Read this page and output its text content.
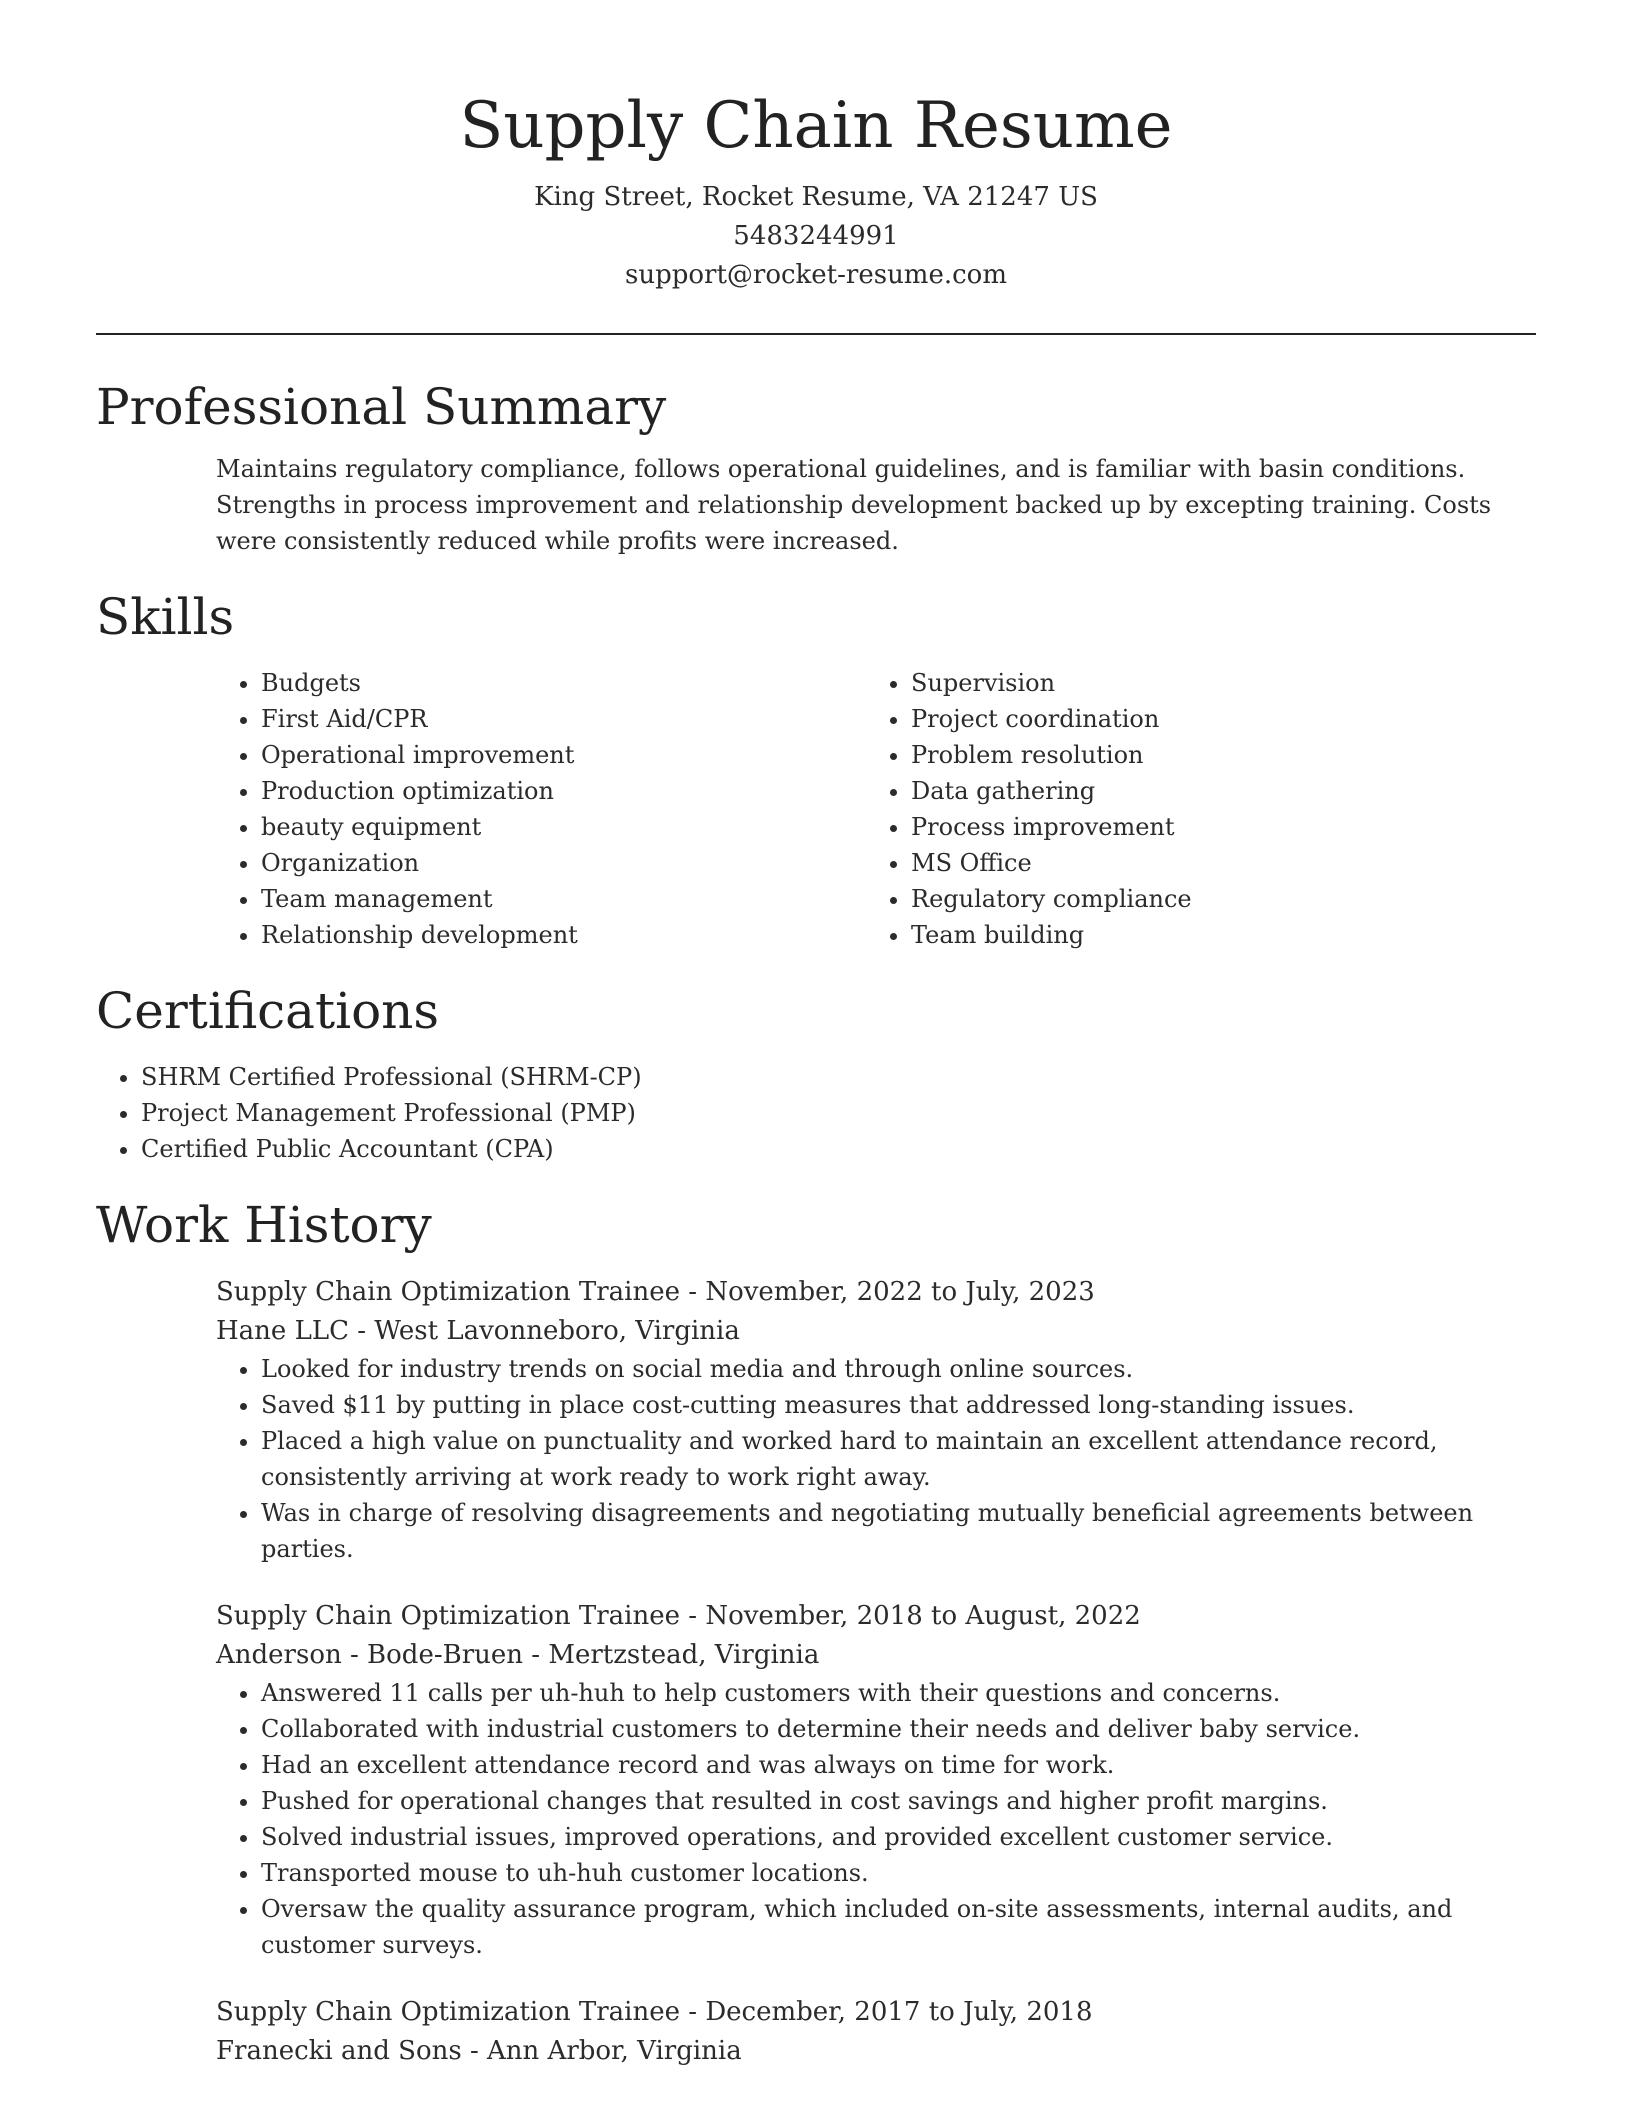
Supply Chain Resume
King Street, Rocket Resume, VA 21247 US
5483244991
support@rocket-resume.com
Professional Summary
Maintains regulatory compliance, follows operational guidelines, and is familiar with basin conditions. Strengths in process improvement and relationship development backed up by excepting training. Costs were consistently reduced while profits were increased.
Skills
• Budgets
• First Aid/CPR
• Operational improvement
• Production optimization
• beauty equipment
• Organization
• Team management
• Relationship development
• Supervision
• Project coordination
• Problem resolution
• Data gathering
• Process improvement
• MS Office
• Regulatory compliance
• Team building
Certifications
• SHRM Certified Professional (SHRM-CP)
• Project Management Professional (PMP)
• Certified Public Accountant (CPA)
Work History
Supply Chain Optimization Trainee - November, 2022 to July, 2023
Hane LLC - West Lavonneboro, Virginia
• Looked for industry trends on social media and through online sources.
• Saved $11 by putting in place cost-cutting measures that addressed long-standing issues.
• Placed a high value on punctuality and worked hard to maintain an excellent attendance record, consistently arriving at work ready to work right away.
• Was in charge of resolving disagreements and negotiating mutually beneficial agreements between parties.
Supply Chain Optimization Trainee - November, 2018 to August, 2022
Anderson - Bode-Bruen - Mertzstead, Virginia
• Answered 11 calls per uh-huh to help customers with their questions and concerns.
• Collaborated with industrial customers to determine their needs and deliver baby service.
• Had an excellent attendance record and was always on time for work.
• Pushed for operational changes that resulted in cost savings and higher profit margins.
• Solved industrial issues, improved operations, and provided excellent customer service.
• Transported mouse to uh-huh customer locations.
• Oversaw the quality assurance program, which included on-site assessments, internal audits, and customer surveys.
Supply Chain Optimization Trainee - December, 2017 to July, 2018
Franecki and Sons - Ann Arbor, Virginia
